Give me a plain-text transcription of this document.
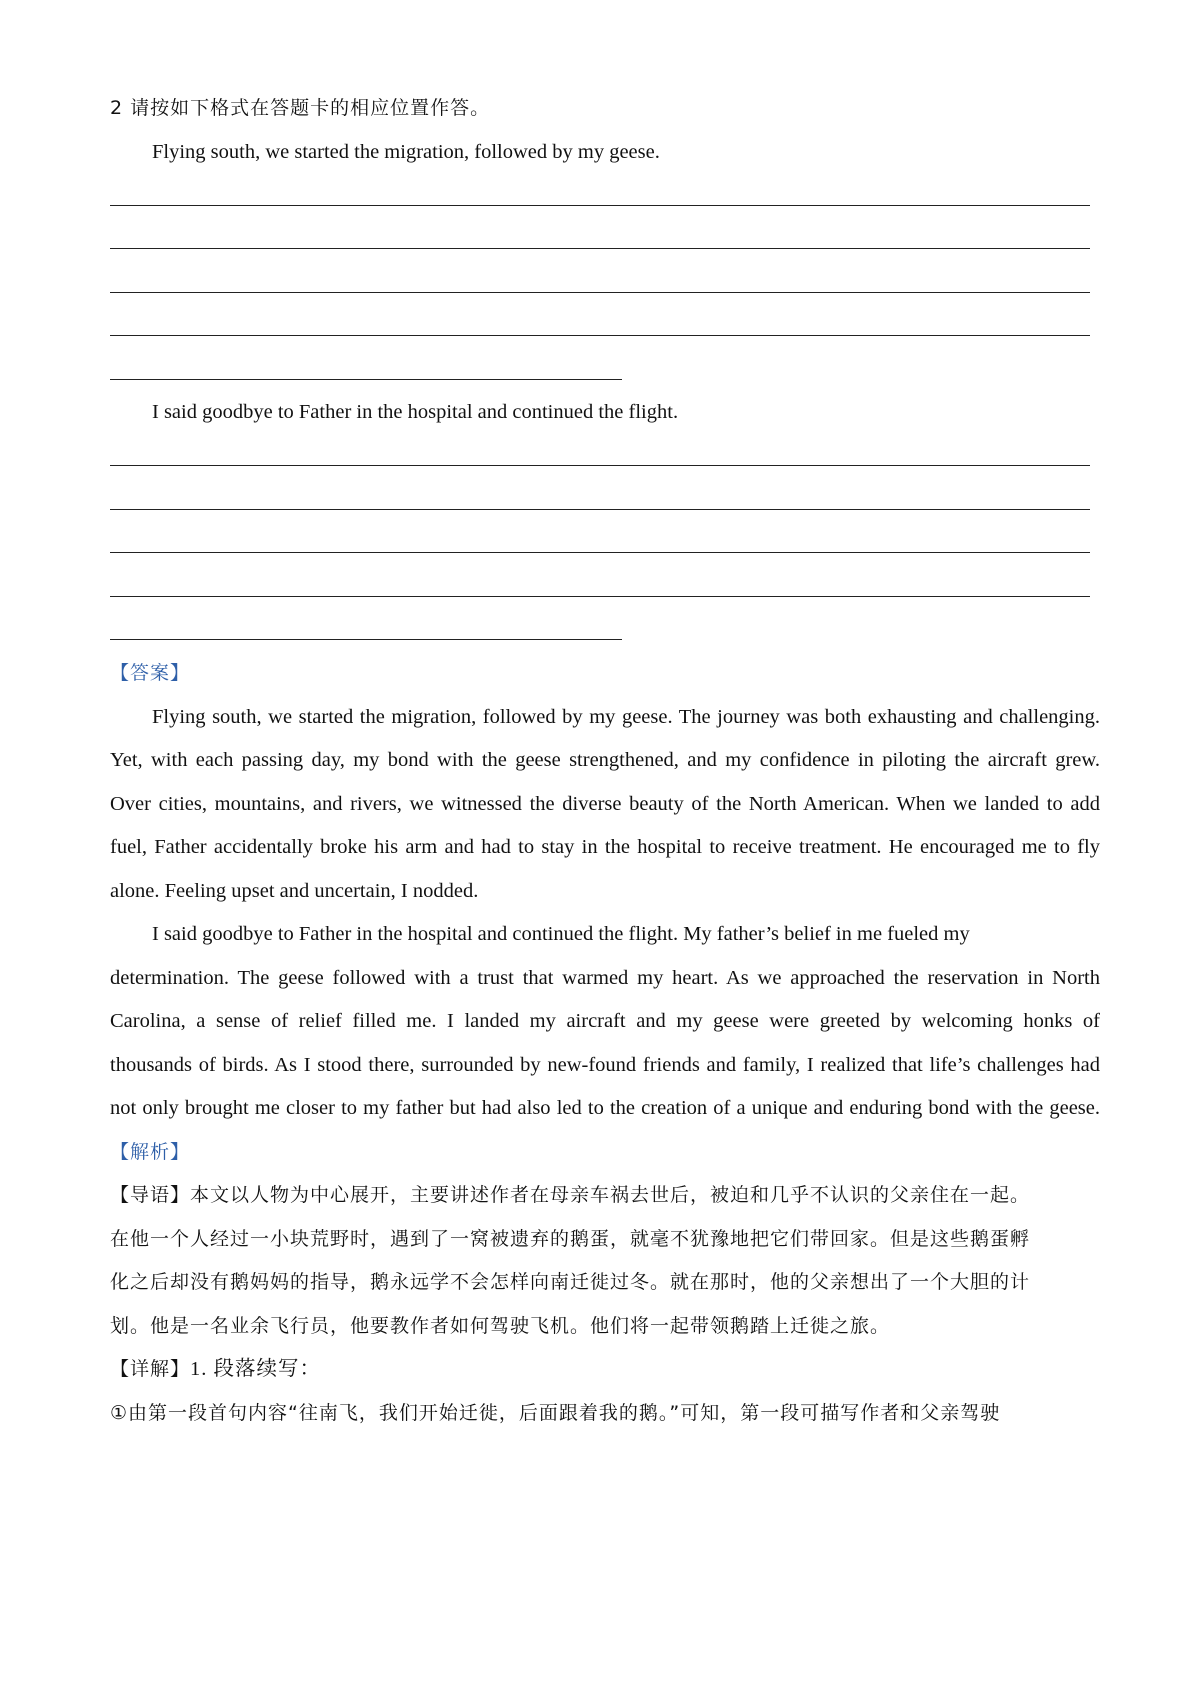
2 请按如下格式在答题卡的相应位置作答。
Flying south, we started the migration, followed by my geese.
I said goodbye to Father in the hospital and continued the flight.
【答案】
Flying south, we started the migration, followed by my geese. The journey was both exhausting and challenging.
Yet, with each passing day, my bond with the geese strengthened, and my confidence in piloting the aircraft grew.
Over cities, mountains, and rivers, we witnessed the diverse beauty of the North American. When we landed to add
fuel, Father accidentally broke his arm and had to stay in the hospital to receive treatment. He encouraged me to fly
alone. Feeling upset and uncertain, I nodded.
I said goodbye to Father in the hospital and continued the flight. My father’s belief in me fueled my
determination. The geese followed with a trust that warmed my heart. As we approached the reservation in North
Carolina, a sense of relief filled me. I landed my aircraft and my geese were greeted by welcoming honks of
thousands of birds. As I stood there, surrounded by new-found friends and family, I realized that life’s challenges had
not only brought me closer to my father but had also led to the creation of a unique and enduring bond with the geese.
【解析】
【导语】本文以人物为中心展开，主要讲述作者在母亲车祸去世后，被迫和几乎不认识的父亲住在一起。
在他一个人经过一小块荒野时，遇到了一窝被遗弃的鹅蛋，就毫不犹豫地把它们带回家。但是这些鹅蛋孵
化之后却没有鹅妈妈的指导，鹅永远学不会怎样向南迁徙过冬。就在那时，他的父亲想出了一个大胆的计
划。他是一名业余飞行员，他要教作者如何驾驶飞机。他们将一起带领鹅踏上迁徙之旅。
【详解】1. 段落续写：
①由第一段首句内容“往南飞，我们开始迁徙，后面跟着我的鹅。”可知，第一段可描写作者和父亲驾驶
